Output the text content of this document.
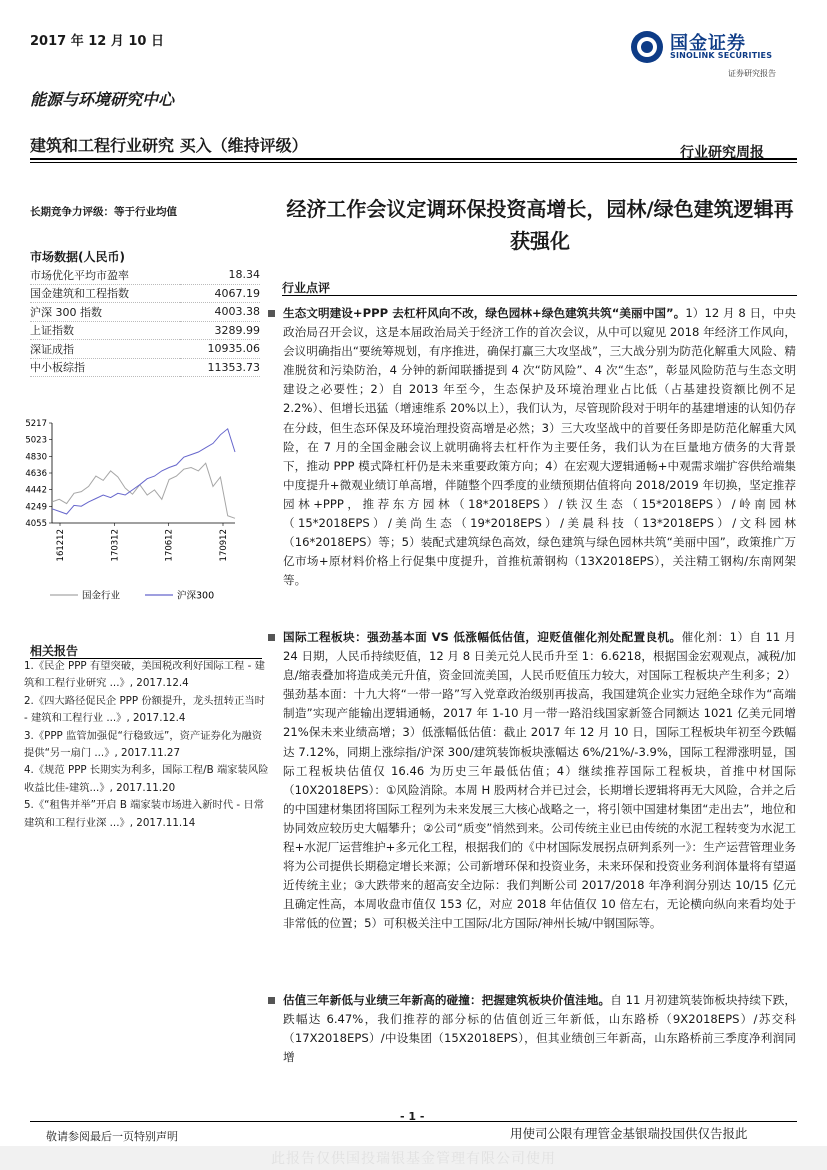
2017 年 12 月 10 日	国金证券
SINOLINK SECURITIES
证券研究报告
能源与环境研究中心
建筑和工程行业研究 买入（维持评级）	行业研究周报
长期竞争力评级：等于行业均值	经济工作会议定调环保投资高增长，园林/绿色建筑逻辑再获强化
市场数据(人民币)
市场优化平均市盈率	18.34
国金建筑和工程指数	4067.19
沪深 300 指数	4003.38
上证指数	3289.99
深证成指	10935.06
中小板综指	11353.73
5217
5023
4830
4636
4442
4249
4055
161212	170312	170612	170912
国金行业	沪深300
相关报告

1.《民企 PPP 有望突破，美国税改利好国际工程 - 建筑和工程行业研究 ...》, 2017.12.4

2.《四大路径促民企 PPP 份额提升，龙头扭转正当时 - 建筑和工程行业 ...》, 2017.12.4

3.《PPP 监管加强促“行稳致远”，资产证券化为融资提供“另一扇门 ...》, 2017.11.27

4.《规范 PPP 长期实为利多，国际工程/B 端家装风险收益比佳-建筑...》, 2017.11.20

5.《“租售并举”开启 B 端家装市场进入新时代 - 日常建筑和工程行业深 ...》, 2017.11.14

行业点评
生态文明建设+PPP 去杠杆风向不改，绿色园林+绿色建筑共筑“美丽中国”。1）12 月 8 日，中央政治局召开会议，这是本届政治局关于经济工作的首次会议，从中可以窥见 2018 年经济工作风向，会议明确指出“要统筹规划，有序推进，确保打赢三大攻坚战”，三大战分别为防范化解重大风险、精准脱贫和污染防治，4 分钟的新闻联播提到 4 次“防风险”、4 次“生态”，彰显风险防范与生态文明建设之必要性；2）自 2013 年至今，生态保护及环境治理业占比低（占基建投资额比例不足 2.2%）、但增长迅猛（增速维系 20%以上），我们认为，尽管现阶段对于明年的基建增速的认知仍存在分歧，但生态环保及环境治理投资高增是必然；3）三大攻坚战中的首要任务即是防范化解重大风险，在 7 月的全国金融会议上就明确将去杠杆作为主要任务，我们认为在巨量地方债务的大背景下，推动 PPP 模式降杠杆仍是未来重要政策方向；4）在宏观大逻辑通畅+中观需求端扩容供给端集中度提升+微观业绩订单高增，伴随整个四季度的业绩预期估值将向 2018/2019 年切换，坚定推荐园林+PPP，推荐东方园林（18*2018EPS）/铁汉生态（15*2018EPS）/岭南园林（15*2018EPS）/美尚生态（19*2018EPS）/美晨科技（13*2018EPS）/文科园林（16*2018EPS）等；5）装配式建筑绿色高效，绿色建筑与绿色园林共筑“美丽中国”，政策推广万亿市场+原材料价格上行促集中度提升，首推杭萧钢构（13X2018EPS），关注精工钢构/东南网架等。
国际工程板块：强劲基本面 VS 低涨幅低估值，迎贬值催化剂处配置良机。催化剂：1）自 11 月 24 日期，人民币持续贬值，12 月 8 日美元兑人民币升至 1：6.6218，根据国金宏观观点，减税/加息/缩表叠加将造成美元升值，资金回流美国，人民币贬值压力较大，对国际工程板块产生利多；2）强劲基本面：十九大将“一带一路”写入党章政治级别再拔高，我国建筑企业实力冠绝全球作为“高端制造”实现产能输出逻辑通畅，2017 年 1-10 月一带一路沿线国家新签合同额达 1021 亿美元同增 21%保未来业绩高增；3）低涨幅低估值：截止 2017 年 12 月 10 日，国际工程板块年初至今跌幅达 7.12%，同期上涨综指/沪深 300/建筑装饰板块涨幅达 6%/21%/-3.9%，国际工程滞涨明显，国际工程板块估值仅 16.46 为历史三年最低估值；4）继续推荐国际工程板块，首推中材国际（10X2018EPS）：①风险消除。本周 H 股两材合并已过会，长期增长逻辑将再无大风险，合并之后的中国建材集团将国际工程列为未来发展三大核心战略之一，将引领中国建材集团“走出去”，地位和协同效应较历史大幅攀升；②公司“质变”悄然到来。公司传统主业已由传统的水泥工程转变为水泥工程+水泥厂运营维护+多元化工程，根据我们的《中材国际发展拐点研判系列一》：生产运营管理业务将为公司提供长期稳定增长来源；公司新增环保和投资业务，未来环保和投资业务利润体量将有望逼近传统主业；③大跌带来的超高安全边际：我们判断公司 2017/2018 年净利润分别达 10/15 亿元且确定性高，本周收盘市值仅 153 亿，对应 2018 年估值仅 10 倍左右，无论横向纵向来看均处于非常低的位置；5）可积极关注中工国际/北方国际/神州长城/中钢国际等。
估值三年新低与业绩三年新高的碰撞：把握建筑板块价值洼地。自 11 月初建筑装饰板块持续下跌，跌幅达 6.47%，我们推荐的部分标的估值创近三年新低，山东路桥（9X2018EPS）/苏交科（17X2018EPS）/中设集团（15X2018EPS），但其业绩创三年新高，山东路桥前三季度净利润同增
- 1 -
敬请参阅最后一页特别声明	用使司公限有理管金基银瑞投国供仅告报此
此报告仅供国投瑞银基金管理有限公司使用
